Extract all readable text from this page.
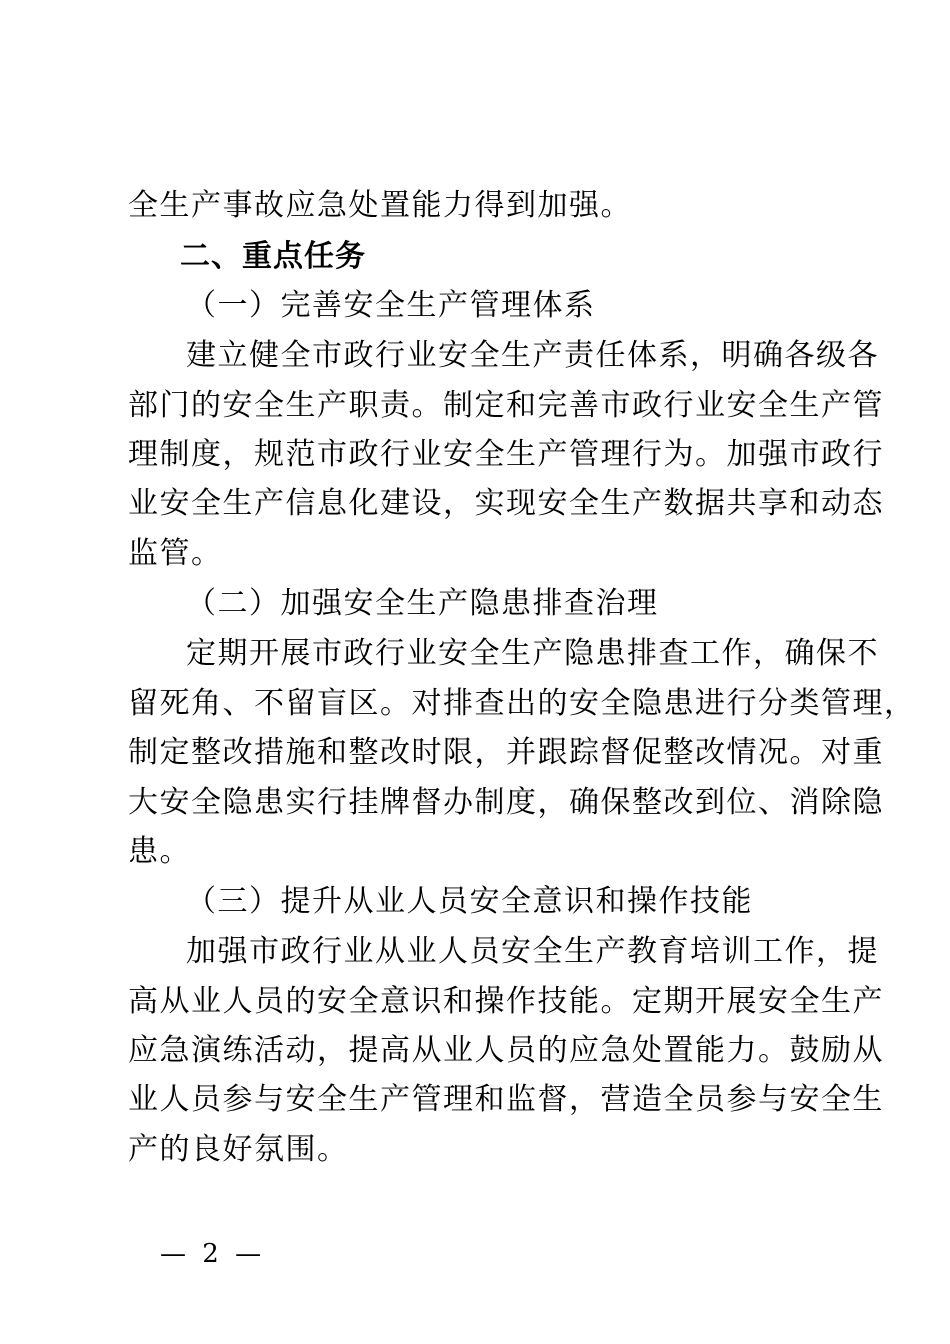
全生产事故应急处置能力得到加强。
二、重点任务
（一）完善安全生产管理体系
建立健全市政行业安全生产责任体系，明确各级各
部门的安全生产职责。制定和完善市政行业安全生产管
理制度，规范市政行业安全生产管理行为。加强市政行
业安全生产信息化建设，实现安全生产数据共享和动态
监管。
（二）加强安全生产隐患排查治理
定期开展市政行业安全生产隐患排查工作，确保不
留死角、不留盲区。对排查出的安全隐患进行分类管理，
制定整改措施和整改时限，并跟踪督促整改情况。对重
大安全隐患实行挂牌督办制度，确保整改到位、消除隐
患。
（三）提升从业人员安全意识和操作技能
加强市政行业从业人员安全生产教育培训工作，提
高从业人员的安全意识和操作技能。定期开展安全生产
应急演练活动，提高从业人员的应急处置能力。鼓励从
业人员参与安全生产管理和监督，营造全员参与安全生
产的良好氛围。
— 2 —
